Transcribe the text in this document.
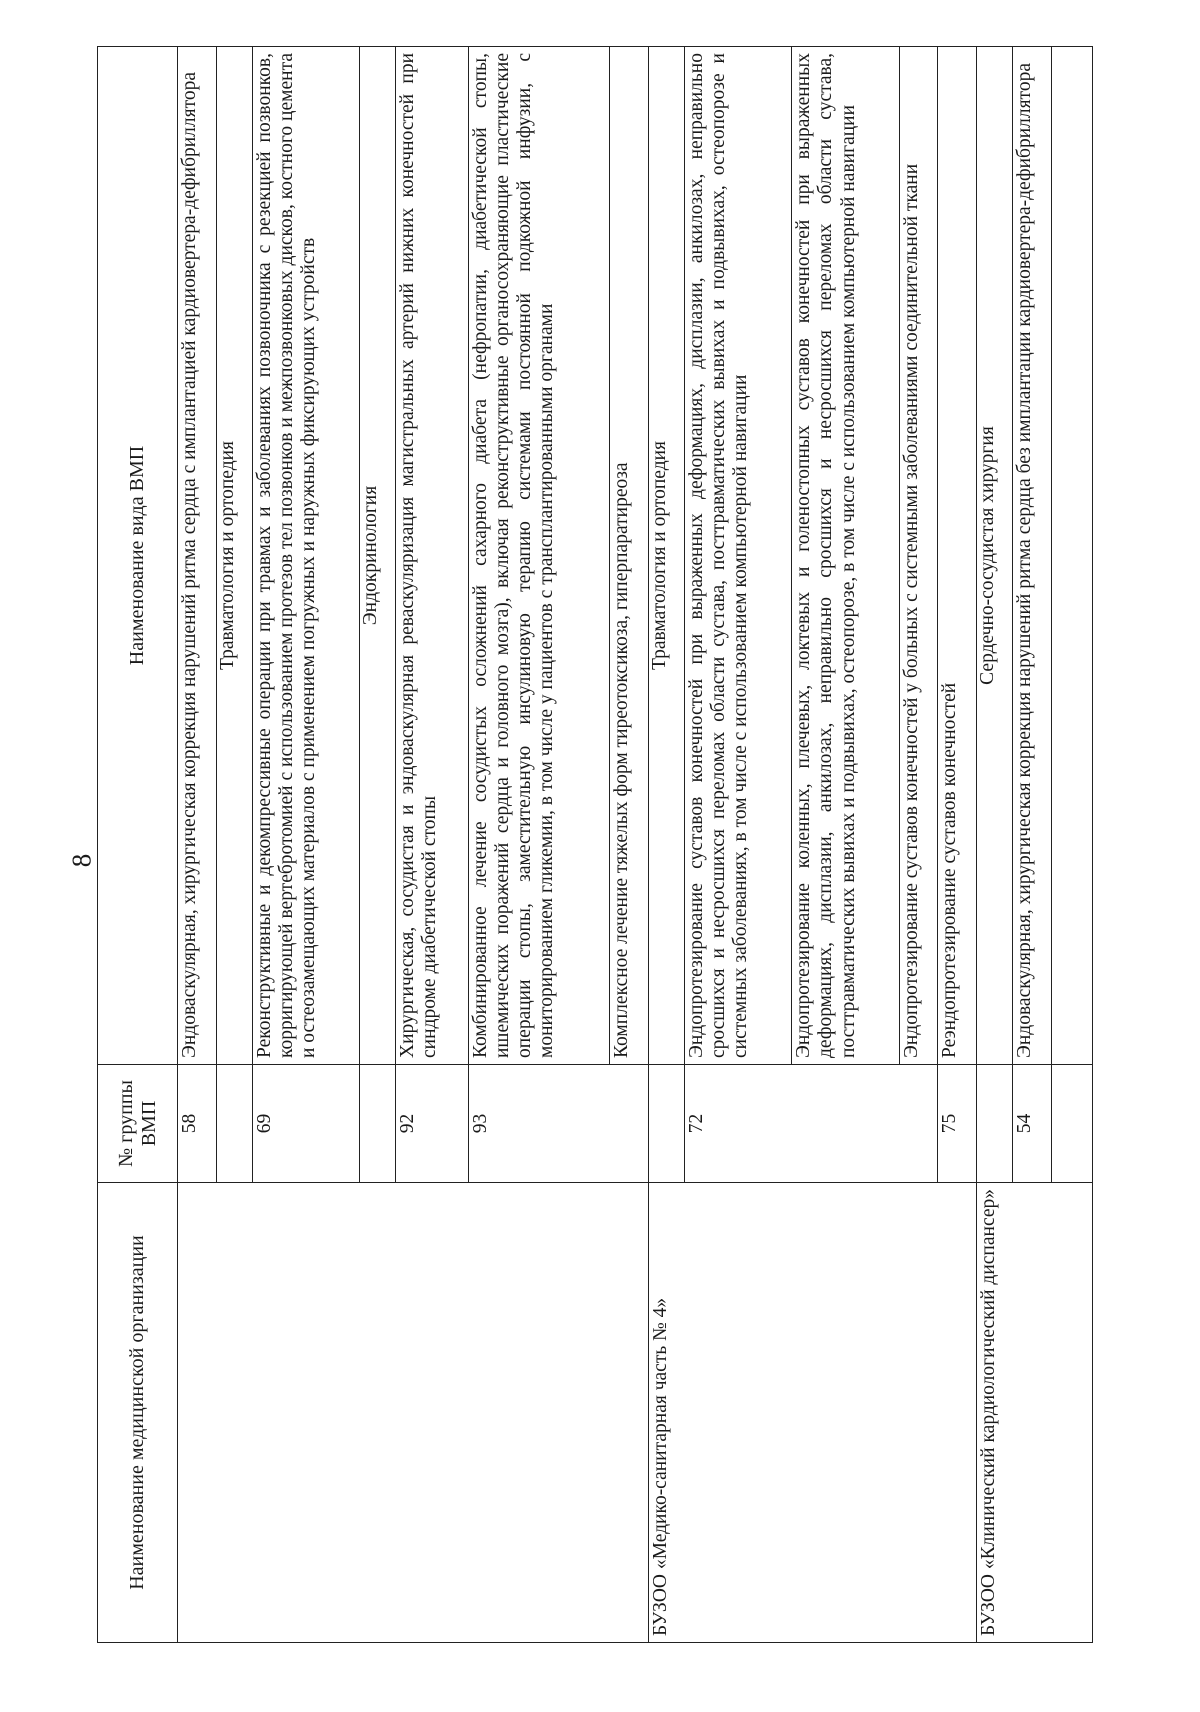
8
Наименование медицинской организации	№ группы ВМП	Наименование вида ВМП
	58	Эндоваскулярная, хирургическая коррекция нарушений ритма сердца с имплантацией кардиовертера-дефибриллятора
		Травматология и ортопедия
	69	Реконструктивные и декомпрессивные операции при травмах и заболеваниях позвоночника с резекцией позвонков, корригирующей вертебротомией с использованием протезов тел позвонков и межпозвонковых дисков, костного цемента и остеозамещающих материалов с применением погружных и наружных фиксирующих устройств
		Эндокринология
	92	Хирургическая, сосудистая и эндоваскулярная реваскуляризация магистральных артерий нижних конечностей при синдроме диабетической стопы
	93	Комбинированное лечение сосудистых осложнений сахарного диабета (нефропатии, диабетической стопы, ишемических поражений сердца и головного мозга), включая реконструктивные органосохраняющие пластические операции стопы, заместительную инсулиновую терапию системами постоянной подкожной инфузии, с мониторированием гликемии, в том числе у пациентов с трансплантированными органами
		Комплексное лечение тяжелых форм тиреотоксикоза, гиперпаратиреоза

БУЗОО «Медико-санитарная часть № 4»		Травматология и ортопедия
	72	Эндопротезирование суставов конечностей при выраженных деформациях, дисплазии, анкилозах, неправильно сросшихся и несросшихся переломах области сустава, посттравматических вывихах и подвывихах, остеопорозе и системных заболеваниях, в том числе с использованием компьютерной навигации
		Эндопротезирование коленных, плечевых, локтевых и голеностопных суставов конечностей при выраженных деформациях, дисплазии, анкилозах, неправильно сросшихся и несросшихся переломах области сустава, посттравматических вывихах и подвывихах, остеопорозе, в том числе с использованием компьютерной навигации
		Эндопротезирование суставов конечностей у больных с системными заболеваниями соединительной ткани
	75	Реэндопротезирование суставов конечностей

БУЗОО «Клинический кардиологический диспансер»		Сердечно-сосудистая хирургия
	54	Эндоваскулярная, хирургическая коррекция нарушений ритма сердца без имплантации кардиовертера-дефибриллятора
